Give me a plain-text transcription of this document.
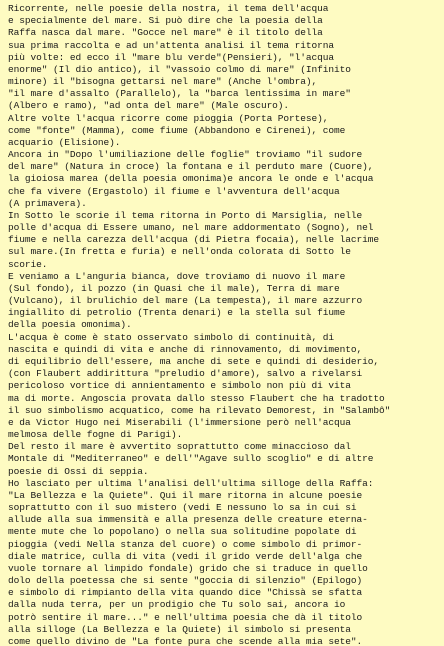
Ricorrente, nelle poesie della nostra, il tema dell'acqua
e specialmente del mare. Si può dire che la poesia della
Raffa nasca dal mare. "Gocce nel mare" è il titolo della
sua prima raccolta e ad un'attenta analisi il tema ritorna
più volte: ed ecco il "mare blu verde"(Pensieri), "l'acqua
enorme" (Il dio antico), il "vassoio colmo di mare" (Infinito
minore) il "bisogna gettarsi nel mare" (Anche l'ombra),
"il mare d'assalto (Parallelo), la "barca lentissima in mare"
(Albero e ramo), "ad onta del mare" (Male oscuro).
Altre volte l'acqua ricorre come pioggia (Porta Portese),
come "fonte" (Mamma), come fiume (Abbandono e Cirenei), come
acquario (Elisione).
Ancora in "Dopo l'umiliazione delle foglie" troviamo "il sudore
del mare" (Natura in croce) la fontana e il perduto mare (Cuore),
la gioiosa marea (della poesia omonima)e ancora le onde e l'acqua
che fa vivere (Ergastolo) il fiume e l'avventura dell'acqua
(A primavera).
In Sotto le scorie il tema ritorna in Porto di Marsiglia, nelle
polle d'acqua di Essere umano, nel mare addormentato (Sogno), nel
fiume e nella carezza dell'acqua (di Pietra focaia), nelle lacrime
sul mare.(In fretta e furia) e nell'onda colorata di Sotto le
scorie.
E veniamo a L'anguria bianca, dove troviamo di nuovo il mare
(Sul fondo), il pozzo (in Quasi che il male), Terra di mare
(Vulcano), il brulichio del mare (La tempesta), il mare azzurro
ingiallito di petrolio (Trenta denari) e la stella sul fiume
della poesia omonima).
L'acqua è come è stato osservato simbolo di continuità, di
nascita e quindi di vita e anche di rinnovamento, di movimento,
di equilibrio dell'essere, ma anche di sete e quindi di desiderio,
(con Flaubert addirittura "preludio d'amore), salvo a rivelarsi
pericoloso vortice di annientamento e simbolo non più di vita
ma di morte. Angoscia provata dallo stesso Flaubert che ha tradotto
il suo simbolismo acquatico, come ha rilevato Demorest, in "Salambô"
e da Victor Hugo nei Miserabili (l'immersione però nell'acqua
melmosa delle fogne di Parigi).
Del resto il mare è avvertito soprattutto come minaccioso dal
Montale di "Mediterraneo" e dell'"Agave sullo scoglio" e di altre
poesie di Ossi di seppia.
Ho lasciato per ultima l'analisi dell'ultima silloge della Raffa:
"La Bellezza e la Quiete". Qui il mare ritorna in alcune poesie
soprattutto con il suo mistero (vedi E nessuno lo sa in cui si
allude alla sua immensità e alla presenza delle creature eterna-
mente mute che lo popolano) o nella sua solitudine popolate di
pioggia (vedi Nella stanza del cuore) o come simbolo di primor-
diale matrice, culla di vita (vedi il grido verde dell'alga che
vuole tornare al limpido fondale) grido che si traduce in quello
dolo della poetessa che si sente "goccia di silenzio" (Epilogo)
e simbolo di rimpianto della vita quando dice "Chissà se sfatta
dalla nuda terra, per un prodigio che Tu solo sai, ancora io
potrò sentire il mare..." e nell'ultima poesia che dà il titolo
alla silloge (La Bellezza e la Quiete) il simbolo si presenta
come quello divino de "La fonte pura che scende alla mia sete".
